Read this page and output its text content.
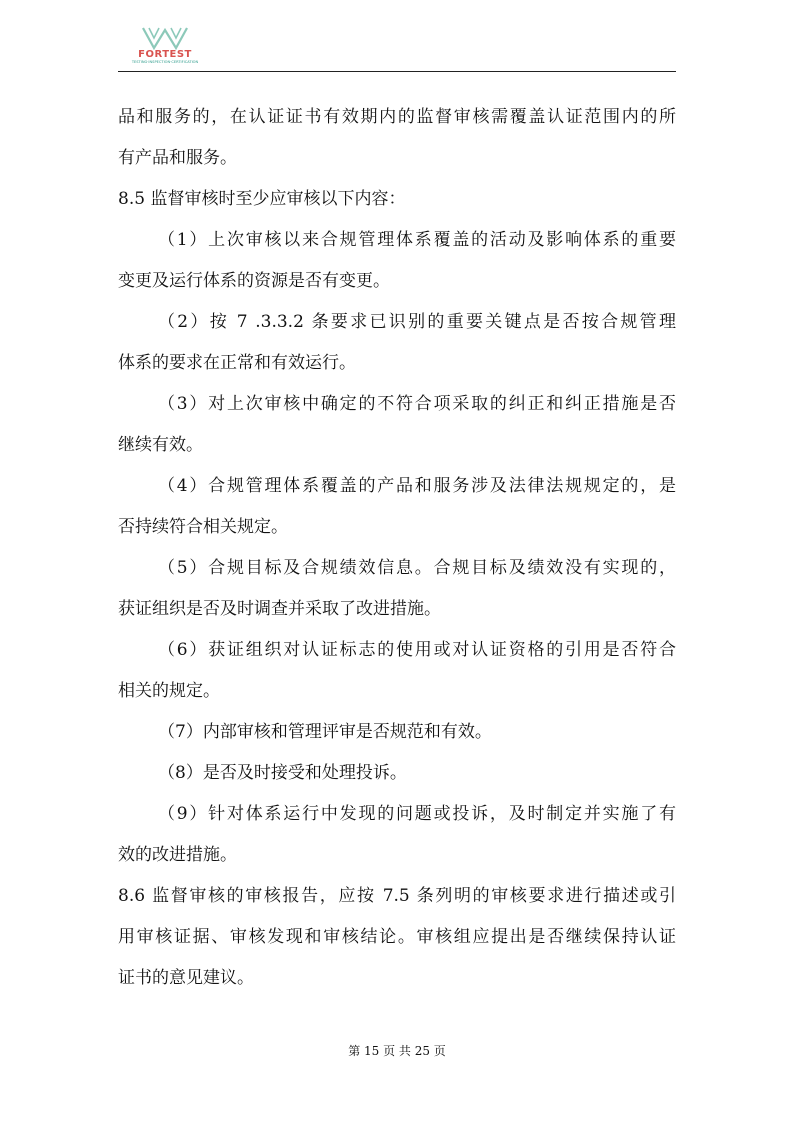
FORTEST
TESTING·INSPECTION·CERTIFICATION
品和服务的，在认证证书有效期内的监督审核需覆盖认证范围内的所
有产品和服务。
8.5 监督审核时至少应审核以下内容：
（1）上次审核以来合规管理体系覆盖的活动及影响体系的重要
变更及运行体系的资源是否有变更。
（2）按 7 .3.3.2 条要求已识别的重要关键点是否按合规管理
体系的要求在正常和有效运行。
（3）对上次审核中确定的不符合项采取的纠正和纠正措施是否
继续有效。
（4）合规管理体系覆盖的产品和服务涉及法律法规规定的，是
否持续符合相关规定。
（5）合规目标及合规绩效信息。合规目标及绩效没有实现的，
获证组织是否及时调查并采取了改进措施。
（6）获证组织对认证标志的使用或对认证资格的引用是否符合
相关的规定。
（7）内部审核和管理评审是否规范和有效。
（8）是否及时接受和处理投诉。
（9）针对体系运行中发现的问题或投诉，及时制定并实施了有
效的改进措施。
8.6 监督审核的审核报告，应按 7.5 条列明的审核要求进行描述或引
用审核证据、审核发现和审核结论。审核组应提出是否继续保持认证
证书的意见建议。
第 15 页 共 25 页
